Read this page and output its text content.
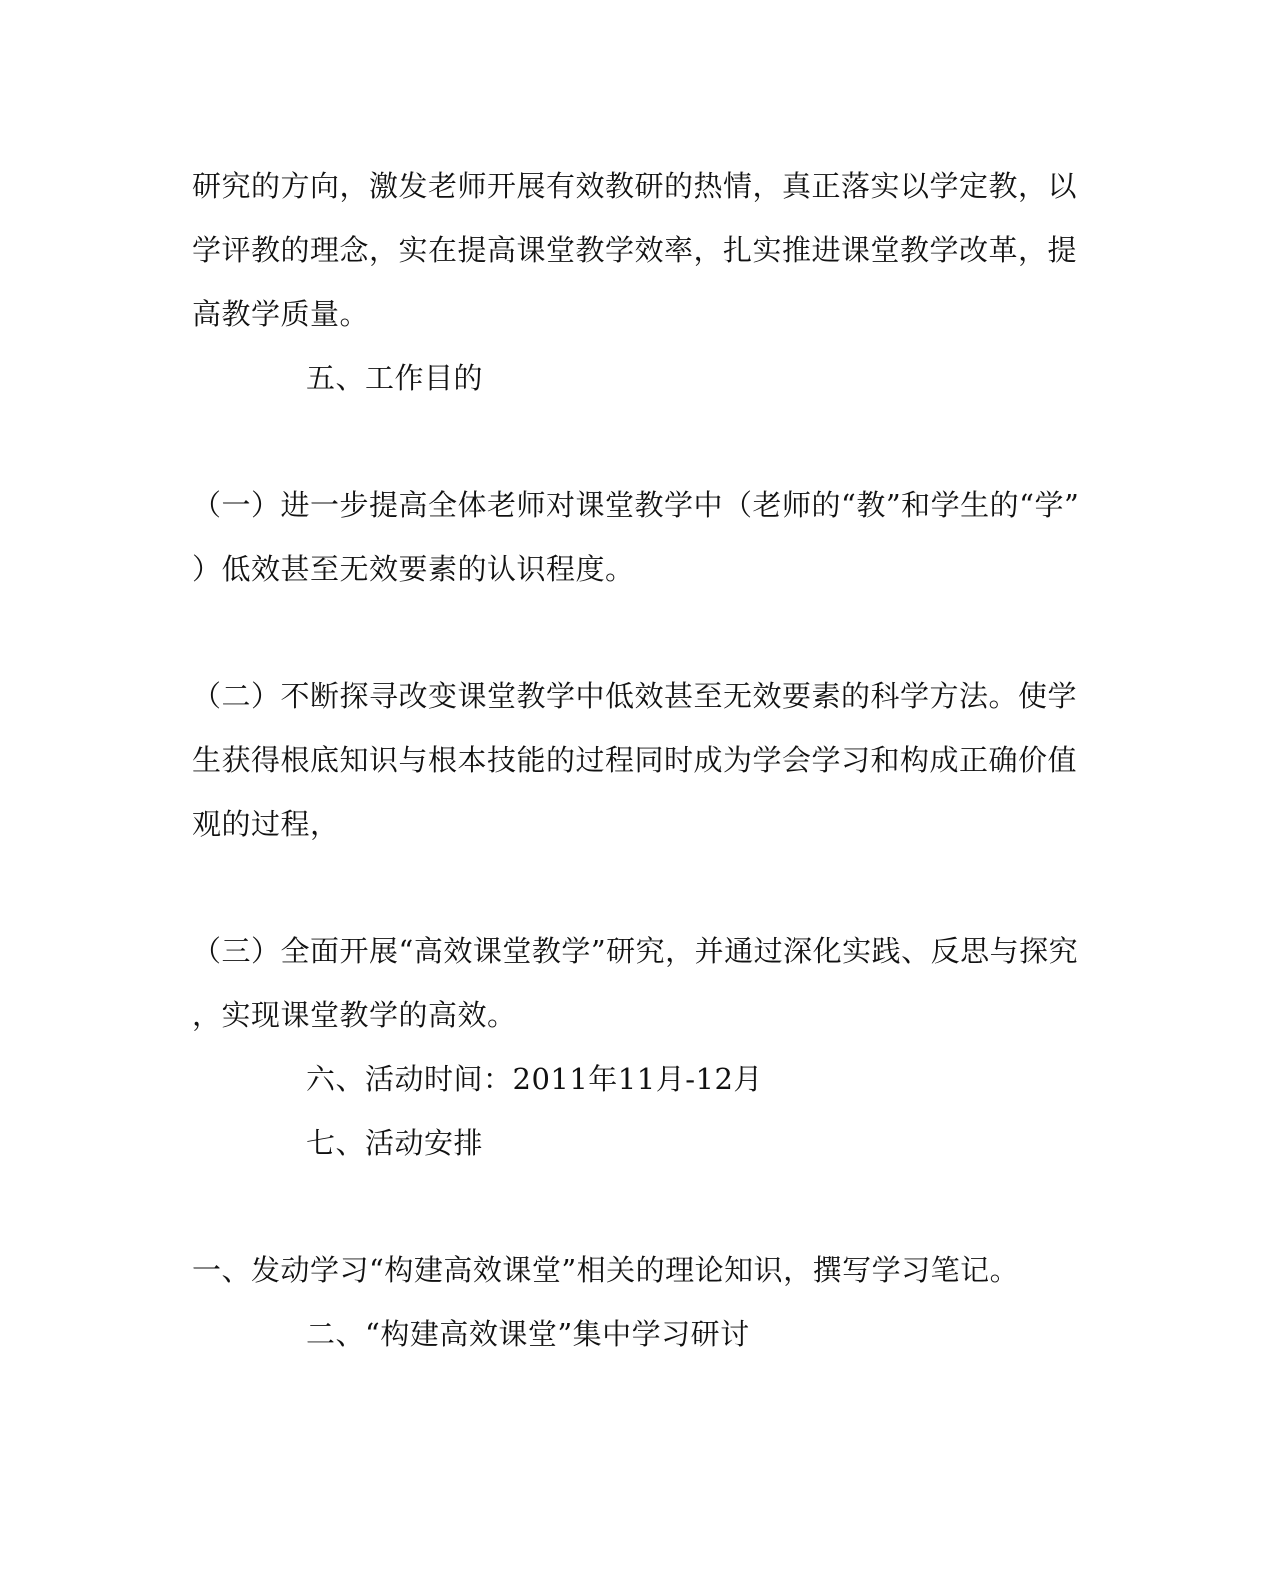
研究的方向，激发老师开展有效教研的热情，真正落实以学定教，以
学评教的理念，实在提高课堂教学效率，扎实推进课堂教学改革，提
高教学质量。
五、工作目的
（一）进一步提高全体老师对课堂教学中（老师的“教”和学生的“学”
）低效甚至无效要素的认识程度。
（二）不断探寻改变课堂教学中低效甚至无效要素的科学方法。使学
生获得根底知识与根本技能的过程同时成为学会学习和构成正确价值
观的过程，
（三）全面开展“高效课堂教学”研究，并通过深化实践、反思与探究
，实现课堂教学的高效。
六、活动时间：2011年11月-12月
七、活动安排
一、发动学习“构建高效课堂”相关的理论知识，撰写学习笔记。
二、“构建高效课堂”集中学习研讨
